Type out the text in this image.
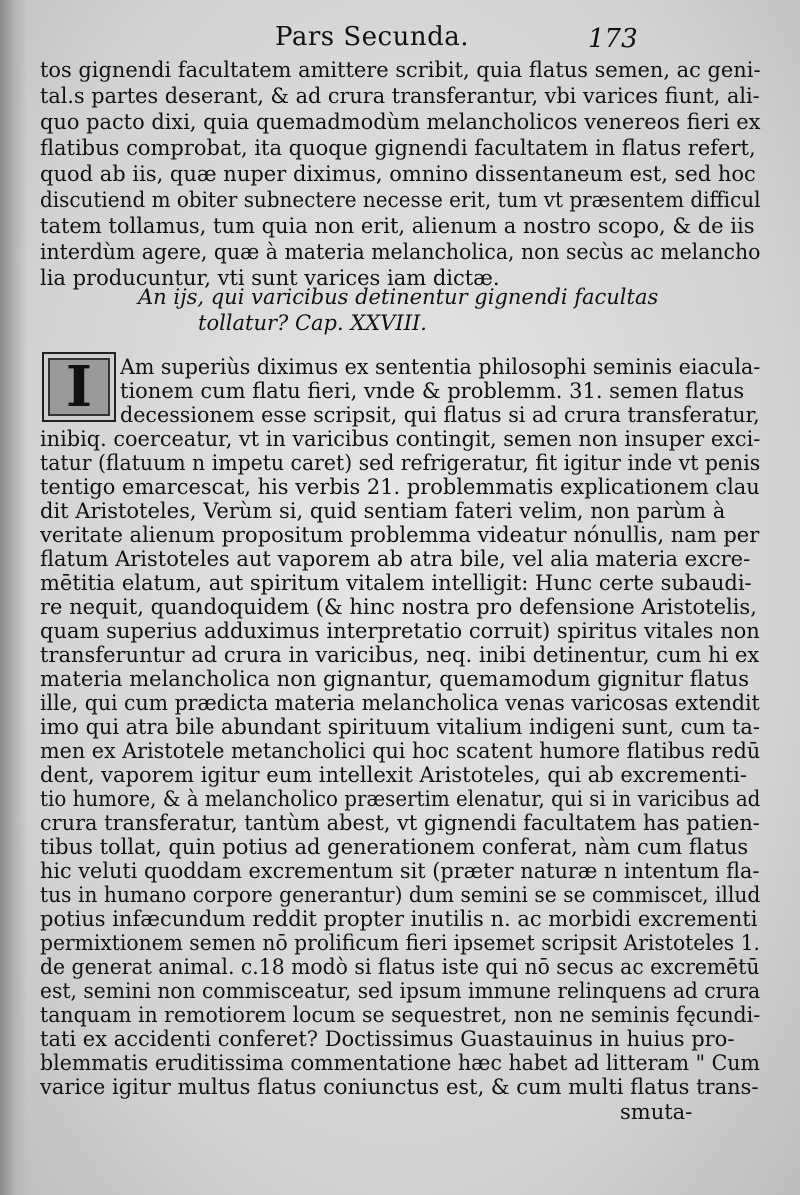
Pars Secunda.	173
tos gignendi facultatem amittere scribit, quia flatus semen, ac geni-
tal.s partes deserant, & ad crura transferantur, vbi varices fiunt, ali-
quo pacto dixi, quia quemadmodùm melancholicos venereos fieri ex
flatibus comprobat, ita quoque gignendi facultatem in flatus refert,
quod ab iis, quæ nuper diximus, omnino dissentaneum est, sed hoc
discutiend m obiter subnectere necesse erit, tum vt præsentem difficul
tatem tollamus, tum quia non erit, alienum a nostro scopo, & de iis
interdùm agere, quæ à materia melancholica, non secùs ac melancho
lia producuntur, vti sunt varices iam dictæ.
An ijs, qui varicibus detinentur gignendi facultas
tollatur? Cap. XXVIII.
I	Am superiùs diximus ex sententia philosophi seminis eiacula-
tionem cum flatu fieri, vnde & problemm. 31. semen flatus
decessionem esse scripsit, qui flatus si ad crura transferatur,
inibiq. coerceatur, vt in varicibus contingit, semen non insuper exci-
tatur (flatuum n impetu caret) sed refrigeratur, fit igitur inde vt penis
tentigo emarcescat, his verbis 21. problemmatis explicationem clau
dit Aristoteles, Verùm si, quid sentiam fateri velim, non parùm à
veritate alienum propositum problemma videatur nónullis, nam per
flatum Aristoteles aut vaporem ab atra bile, vel alia materia excre-
mētitia elatum, aut spiritum vitalem intelligit: Hunc certe subaudi-
re nequit, quandoquidem (& hinc nostra pro defensione Aristotelis,
quam superius adduximus interpretatio corruit) spiritus vitales non
transferuntur ad crura in varicibus, neq. inibi detinentur, cum hi ex
materia melancholica non gignantur, quemamodum gignitur flatus
ille, qui cum prædicta materia melancholica venas varicosas extendit
imo qui atra bile abundant spirituum vitalium indigeni sunt, cum ta-
men ex Aristotele metancholici qui hoc scatent humore flatibus redū
dent, vaporem igitur eum intellexit Aristoteles, qui ab excrementi-
tio humore, & à melancholico præsertim elenatur, qui si in varicibus ad
crura transferatur, tantùm abest, vt gignendi facultatem has patien-
tibus tollat, quin potius ad generationem conferat, nàm cum flatus
hic veluti quoddam excrementum sit (præter naturæ n intentum fla-
tus in humano corpore generantur) dum semini se se commiscet, illud
potius infæcundum reddit propter inutilis n. ac morbidi excrementi
permixtionem semen nō prolificum fieri ipsemet scripsit Aristoteles 1.
de generat animal. c.18 modò si flatus iste qui nō secus ac excremētū
est, semini non commisceatur, sed ipsum immune relinquens ad crura
tanquam in remotiorem locum se sequestret, non ne seminis fęcundi-
tati ex accidenti conferet? Doctissimus Guastauinus in huius pro-
blemmatis eruditissima commentatione hæc habet ad litteram " Cum
varice igitur multus flatus coniunctus est, & cum multi flatus trans-
smuta-
